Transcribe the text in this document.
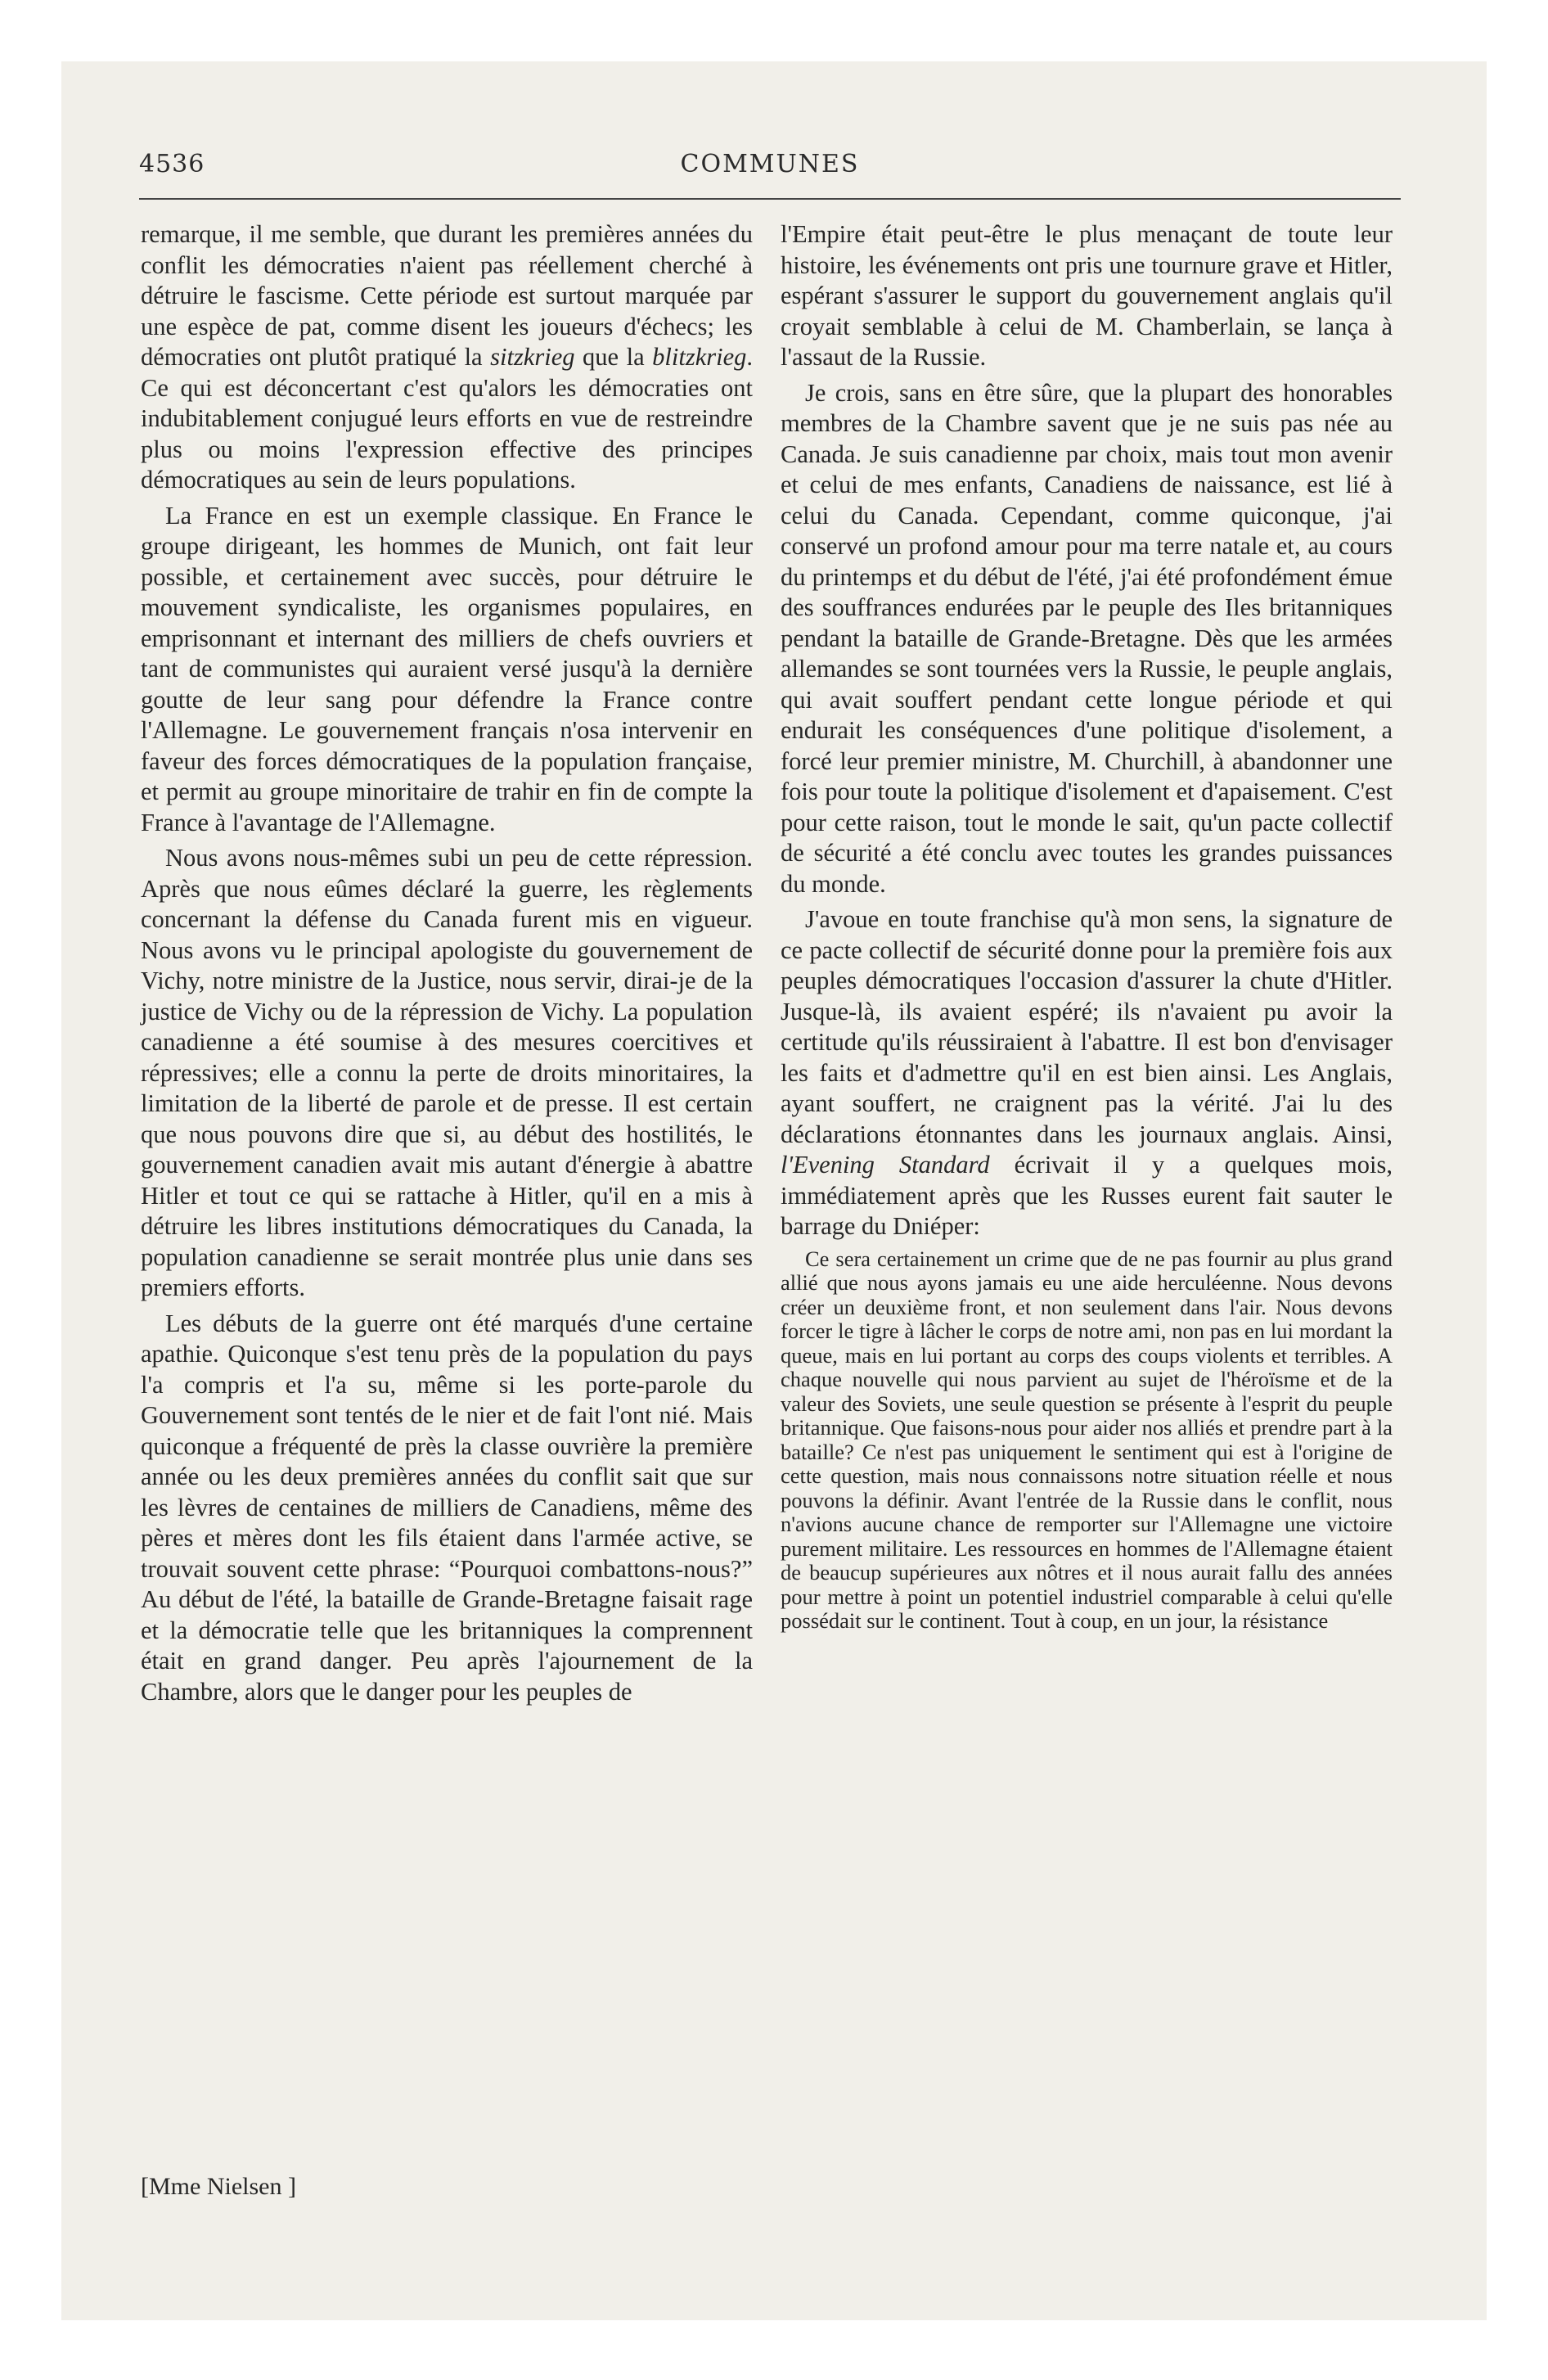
4536	COMMUNES

remarque, il me semble, que durant les premières années du conflit les démocraties n'aient pas réellement cherché à détruire le fascisme. Cette période est surtout marquée par une espèce de pat, comme disent les joueurs d'échecs; les démocraties ont plutôt pratiqué la sitzkrieg que la blitzkrieg. Ce qui est déconcertant c'est qu'alors les démocraties ont indubitablement conjugué leurs efforts en vue de restreindre plus ou moins l'expression effective des principes démocratiques au sein de leurs populations.

La France en est un exemple classique. En France le groupe dirigeant, les hommes de Munich, ont fait leur possible, et certainement avec succès, pour détruire le mouvement syndicaliste, les organismes populaires, en emprisonnant et internant des milliers de chefs ouvriers et tant de communistes qui auraient versé jusqu'à la dernière goutte de leur sang pour défendre la France contre l'Allemagne. Le gouvernement français n'osa intervenir en faveur des forces démocratiques de la population française, et permit au groupe minoritaire de trahir en fin de compte la France à l'avantage de l'Allemagne.

Nous avons nous-mêmes subi un peu de cette répression. Après que nous eûmes déclaré la guerre, les règlements concernant la défense du Canada furent mis en vigueur. Nous avons vu le principal apologiste du gouvernement de Vichy, notre ministre de la Justice, nous servir, dirai-je de la justice de Vichy ou de la répression de Vichy. La population canadienne a été soumise à des mesures coercitives et répressives; elle a connu la perte de droits minoritaires, la limitation de la liberté de parole et de presse. Il est certain que nous pouvons dire que si, au début des hostilités, le gouvernement canadien avait mis autant d'énergie à abattre Hitler et tout ce qui se rattache à Hitler, qu'il en a mis à détruire les libres institutions démocratiques du Canada, la population canadienne se serait montrée plus unie dans ses premiers efforts.

Les débuts de la guerre ont été marqués d'une certaine apathie. Quiconque s'est tenu près de la population du pays l'a compris et l'a su, même si les porte-parole du Gouvernement sont tentés de le nier et de fait l'ont nié. Mais quiconque a fréquenté de près la classe ouvrière la première année ou les deux premières années du conflit sait que sur les lèvres de centaines de milliers de Canadiens, même des pères et mères dont les fils étaient dans l'armée active, se trouvait souvent cette phrase: “Pourquoi combattons-nous?” Au début de l'été, la bataille de Grande-Bretagne faisait rage et la démocratie telle que les britanniques la comprennent était en grand danger. Peu après l'ajournement de la Chambre, alors que le danger pour les peuples de

l'Empire était peut-être le plus menaçant de toute leur histoire, les événements ont pris une tournure grave et Hitler, espérant s'assurer le support du gouvernement anglais qu'il croyait semblable à celui de M. Chamberlain, se lança à l'assaut de la Russie.

Je crois, sans en être sûre, que la plupart des honorables membres de la Chambre savent que je ne suis pas née au Canada. Je suis canadienne par choix, mais tout mon avenir et celui de mes enfants, Canadiens de naissance, est lié à celui du Canada. Cependant, comme quiconque, j'ai conservé un profond amour pour ma terre natale et, au cours du printemps et du début de l'été, j'ai été profondément émue des souffrances endurées par le peuple des Iles britanniques pendant la bataille de Grande-Bretagne. Dès que les armées allemandes se sont tournées vers la Russie, le peuple anglais, qui avait souffert pendant cette longue période et qui endurait les conséquences d'une politique d'isolement, a forcé leur premier ministre, M. Churchill, à abandonner une fois pour toute la politique d'isolement et d'apaisement. C'est pour cette raison, tout le monde le sait, qu'un pacte collectif de sécurité a été conclu avec toutes les grandes puissances du monde.

J'avoue en toute franchise qu'à mon sens, la signature de ce pacte collectif de sécurité donne pour la première fois aux peuples démocratiques l'occasion d'assurer la chute d'Hitler. Jusque-là, ils avaient espéré; ils n'avaient pu avoir la certitude qu'ils réussiraient à l'abattre. Il est bon d'envisager les faits et d'admettre qu'il en est bien ainsi. Les Anglais, ayant souffert, ne craignent pas la vérité. J'ai lu des déclarations étonnantes dans les journaux anglais. Ainsi, l'Evening Standard écrivait il y a quelques mois, immédiatement après que les Russes eurent fait sauter le barrage du Dniéper:

Ce sera certainement un crime que de ne pas fournir au plus grand allié que nous ayons jamais eu une aide herculéenne. Nous devons créer un deuxième front, et non seulement dans l'air. Nous devons forcer le tigre à lâcher le corps de notre ami, non pas en lui mordant la queue, mais en lui portant au corps des coups violents et terribles. A chaque nouvelle qui nous parvient au sujet de l'héroïsme et de la valeur des Soviets, une seule question se présente à l'esprit du peuple britannique. Que faisons-nous pour aider nos alliés et prendre part à la bataille? Ce n'est pas uniquement le sentiment qui est à l'origine de cette question, mais nous connaissons notre situation réelle et nous pouvons la définir. Avant l'entrée de la Russie dans le conflit, nous n'avions aucune chance de remporter sur l'Allemagne une victoire purement militaire. Les ressources en hommes de l'Allemagne étaient de beaucup supérieures aux nôtres et il nous aurait fallu des années pour mettre à point un potentiel industriel comparable à celui qu'elle possédait sur le continent. Tout à coup, en un jour, la résistance

[Mme Nielsen ]
